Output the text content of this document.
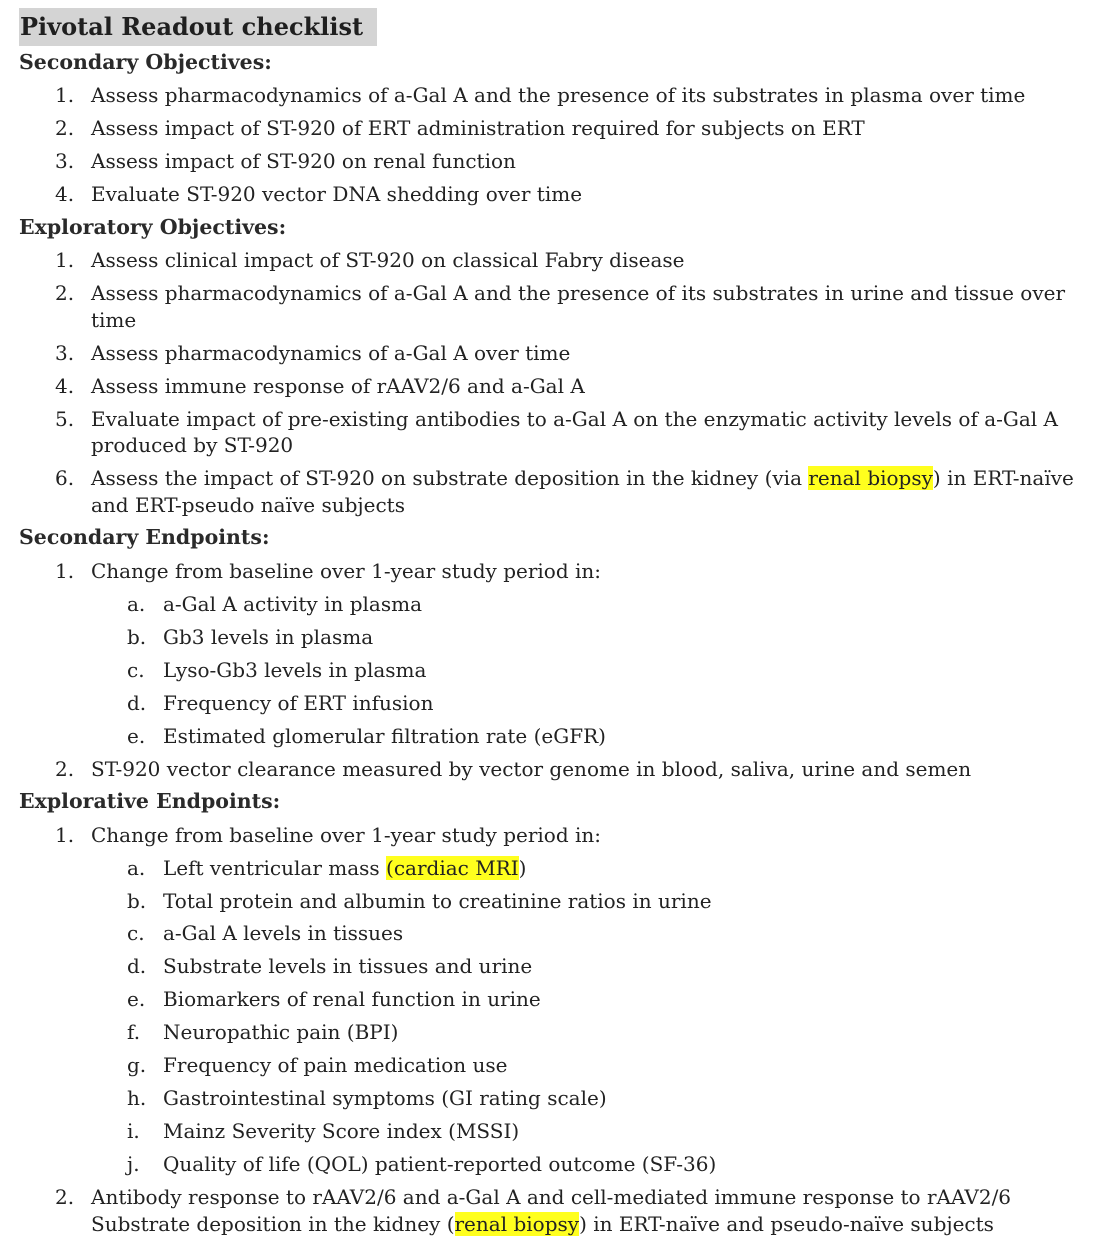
Pivotal Readout checklist
Secondary Objectives:
1. Assess pharmacodynamics of a-Gal A and the presence of its substrates in plasma over time
2. Assess impact of ST-920 of ERT administration required for subjects on ERT
3. Assess impact of ST-920 on renal function
4. Evaluate ST-920 vector DNA shedding over time
Exploratory Objectives:
1. Assess clinical impact of ST-920 on classical Fabry disease
2. Assess pharmacodynamics of a-Gal A and the presence of its substrates in urine and tissue over time
3. Assess pharmacodynamics of a-Gal A over time
4. Assess immune response of rAAV2/6 and a-Gal A
5. Evaluate impact of pre-existing antibodies to a-Gal A on the enzymatic activity levels of a-Gal A produced by ST-920
6. Assess the impact of ST-920 on substrate deposition in the kidney (via renal biopsy) in ERT-naïve and ERT-pseudo naïve subjects
Secondary Endpoints:
1. Change from baseline over 1-year study period in:
a. a-Gal A activity in plasma
b. Gb3 levels in plasma
c. Lyso-Gb3 levels in plasma
d. Frequency of ERT infusion
e. Estimated glomerular filtration rate (eGFR)
2. ST-920 vector clearance measured by vector genome in blood, saliva, urine and semen
Explorative Endpoints:
1. Change from baseline over 1-year study period in:
a. Left ventricular mass (cardiac MRI)
b. Total protein and albumin to creatinine ratios in urine
c. a-Gal A levels in tissues
d. Substrate levels in tissues and urine
e. Biomarkers of renal function in urine
f. Neuropathic pain (BPI)
g. Frequency of pain medication use
h. Gastrointestinal symptoms (GI rating scale)
i. Mainz Severity Score index (MSSI)
j. Quality of life (QOL) patient-reported outcome (SF-36)
2. Antibody response to rAAV2/6 and a-Gal A and cell-mediated immune response to rAAV2/6 Substrate deposition in the kidney (renal biopsy) in ERT-naïve and pseudo-naïve subjects
